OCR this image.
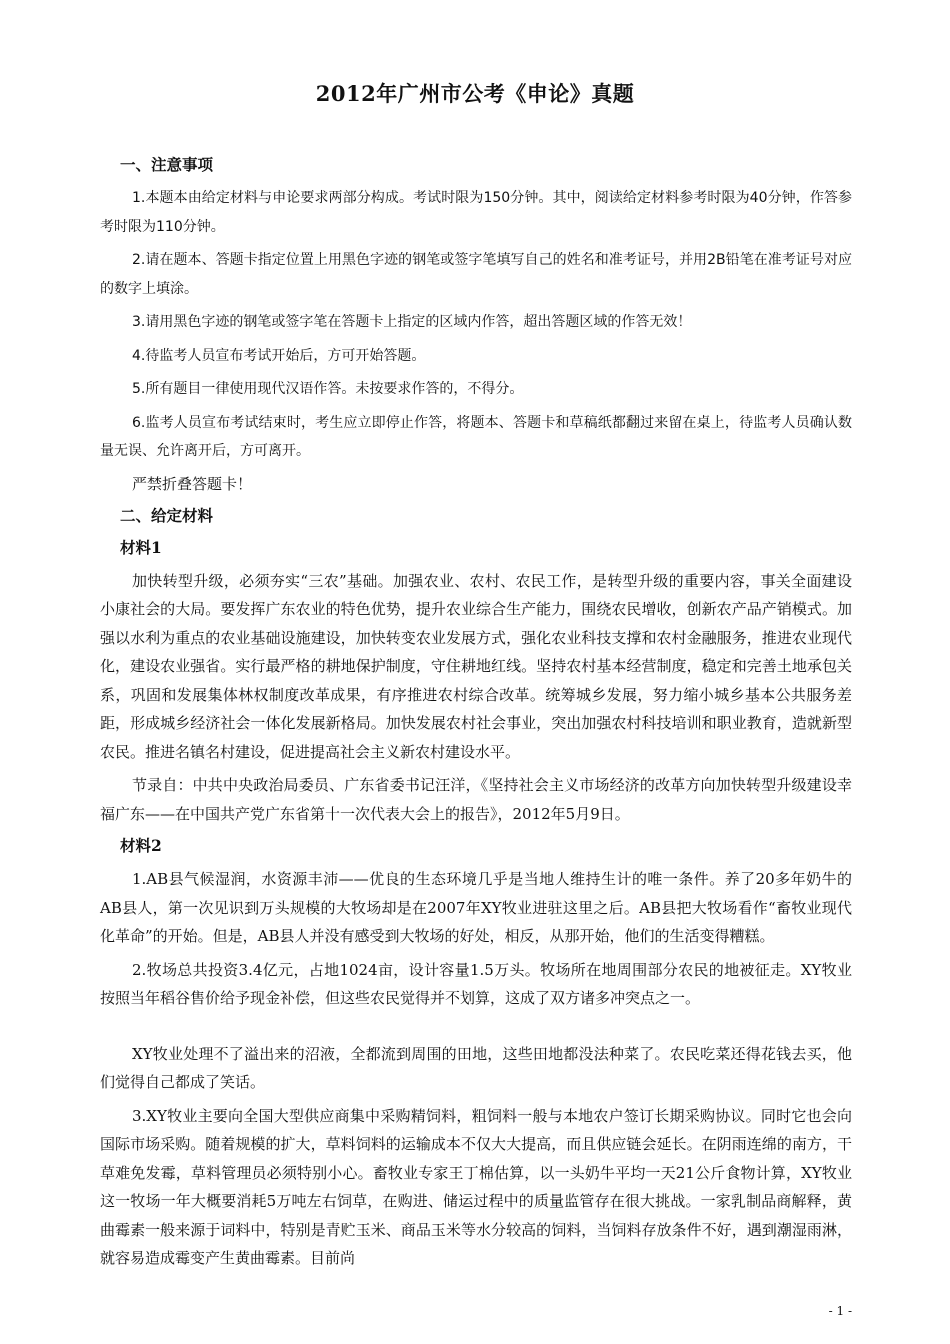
2012年广州市公考《申论》真题
一、注意事项
1.本题本由给定材料与申论要求两部分构成。考试时限为150分钟。其中，阅读给定材料参考时限为40分钟，作答参考时限为110分钟。
2.请在题本、答题卡指定位置上用黑色字迹的钢笔或签字笔填写自己的姓名和准考证号，并用2B铅笔在准考证号对应的数字上填涂。
3.请用黑色字迹的钢笔或签字笔在答题卡上指定的区域内作答，超出答题区域的作答无效！
4.待监考人员宣布考试开始后，方可开始答题。
5.所有题目一律使用现代汉语作答。未按要求作答的，不得分。
6.监考人员宣布考试结束时，考生应立即停止作答，将题本、答题卡和草稿纸都翻过来留在桌上，待监考人员确认数量无误、允许离开后，方可离开。
严禁折叠答题卡！
二、给定材料
材料1
加快转型升级，必须夯实“三农”基础。加强农业、农村、农民工作，是转型升级的重要内容，事关全面建设小康社会的大局。要发挥广东农业的特色优势，提升农业综合生产能力，围绕农民增收，创新农产品产销模式。加强以水利为重点的农业基础设施建设，加快转变农业发展方式，强化农业科技支撑和农村金融服务，推进农业现代化，建设农业强省。实行最严格的耕地保护制度，守住耕地红线。坚持农村基本经营制度，稳定和完善土地承包关系，巩固和发展集体林权制度改革成果，有序推进农村综合改革。统筹城乡发展，努力缩小城乡基本公共服务差距，形成城乡经济社会一体化发展新格局。加快发展农村社会事业，突出加强农村科技培训和职业教育，造就新型农民。推进名镇名村建设，促进提高社会主义新农村建设水平。
节录自：中共中央政治局委员、广东省委书记汪洋，《坚持社会主义市场经济的改革方向加快转型升级建设幸福广东——在中国共产党广东省第十一次代表大会上的报告》，2012年5月9日。
材料2
1.AB县气候湿润，水资源丰沛——优良的生态环境几乎是当地人维持生计的唯一条件。养了20多年奶牛的AB县人，第一次见识到万头规模的大牧场却是在2007年XY牧业进驻这里之后。AB县把大牧场看作“畜牧业现代化革命”的开始。但是，AB县人并没有感受到大牧场的好处，相反，从那开始，他们的生活变得糟糕。
2.牧场总共投资3.4亿元，占地1024亩，设计容量1.5万头。牧场所在地周围部分农民的地被征走。XY牧业按照当年稻谷售价给予现金补偿，但这些农民觉得并不划算，这成了双方诸多冲突点之一。
XY牧业处理不了溢出来的沼液，全都流到周围的田地，这些田地都没法种菜了。农民吃菜还得花钱去买，他们觉得自己都成了笑话。
3.XY牧业主要向全国大型供应商集中采购精饲料，粗饲料一般与本地农户签订长期采购协议。同时它也会向国际市场采购。随着规模的扩大，草料饲料的运输成本不仅大大提高，而且供应链会延长。在阴雨连绵的南方，干草难免发霉，草料管理员必须特别小心。畜牧业专家王丁棉估算，以一头奶牛平均一天21公斤食物计算，XY牧业这一牧场一年大概要消耗5万吨左右饲草，在购进、储运过程中的质量监管存在很大挑战。一家乳制品商解释，黄曲霉素一般来源于词料中，特别是青贮玉米、商品玉米等水分较高的饲料，当饲料存放条件不好，遇到潮湿雨淋，就容易造成霉变产生黄曲霉素。目前尚
- 1 -
